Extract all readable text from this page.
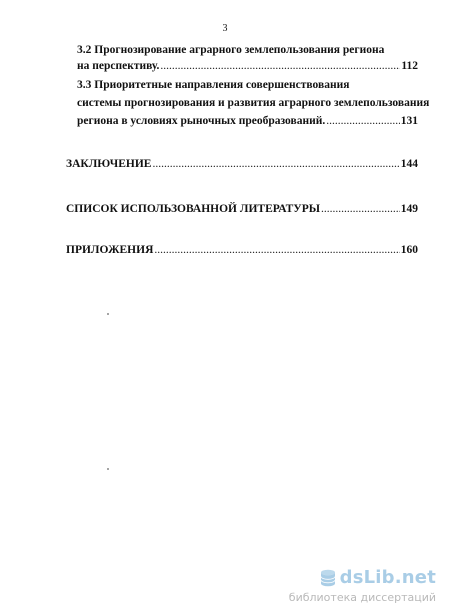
3
3.2 Прогнозирование аграрного землепользования региона
на перспективу. .....	112
3.3 Приоритетные направления совершенствования
системы прогнозирования и развития аграрного землепользования
региона в условиях рыночных преобразований. .....	131
ЗАКЛЮЧЕНИЕ .....	144
СПИСОК ИСПОЛЬЗОВАННОЙ ЛИТЕРАТУРЫ .....	149
ПРИЛОЖЕНИЯ .....	160
dsLib.net
библиотека диссертаций
